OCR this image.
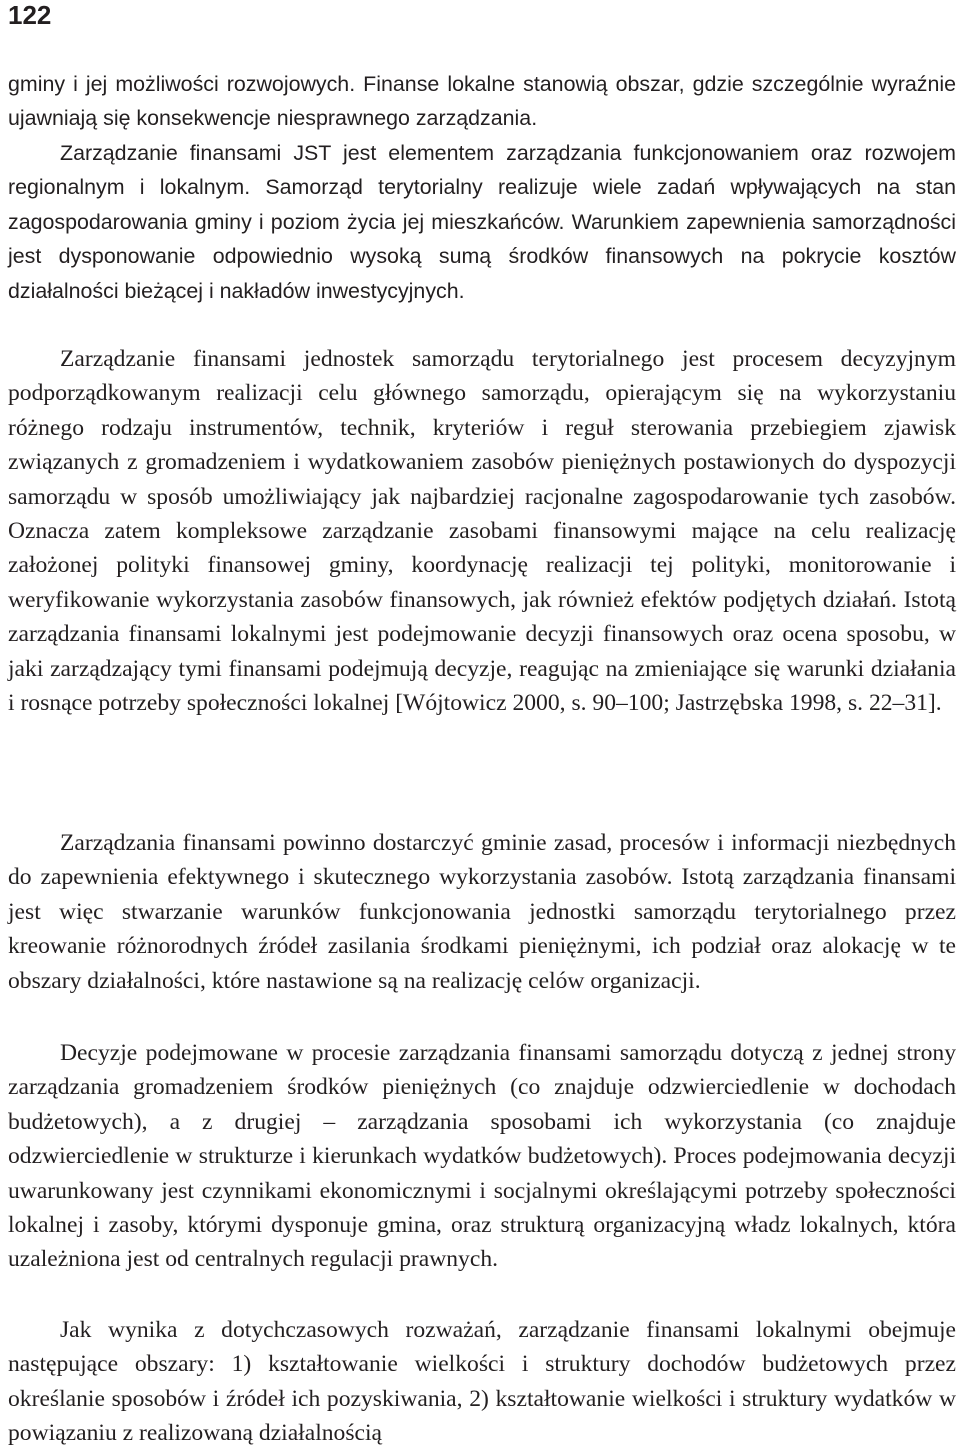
122

gminy i jej możliwości rozwojowych. Finanse lokalne stanowią obszar, gdzie szczególnie wyraźnie ujawniają się konsekwencje niesprawnego zarządzania.

Zarządzanie finansami JST jest elementem zarządzania funkcjonowaniem oraz rozwojem regionalnym i lokalnym. Samorząd terytorialny realizuje wiele zadań wpływających na stan zagospodarowania gminy i poziom życia jej mieszkańców. Warunkiem zapewnienia samorządności jest dysponowanie odpowiednio wysoką sumą środków finansowych na pokrycie kosztów działalności bieżącej i nakładów inwestycyjnych.

Zarządzanie finansami jednostek samorządu terytorialnego jest procesem decyzyjnym podporządkowanym realizacji celu głównego samorządu, opierającym się na wykorzystaniu różnego rodzaju instrumentów, technik, kryteriów i reguł sterowania przebiegiem zjawisk związanych z gromadzeniem i wydatkowaniem zasobów pieniężnych postawionych do dyspozycji samorządu w sposób umożliwiający jak najbardziej racjonalne zagospodarowanie tych zasobów. Oznacza zatem kompleksowe zarządzanie zasobami finansowymi mające na celu realizację założonej polityki finansowej gminy, koordynację realizacji tej polityki, monitorowanie i weryfikowanie wykorzystania zasobów finansowych, jak również efektów podjętych działań. Istotą zarządzania finansami lokalnymi jest podejmowanie decyzji finansowych oraz ocena sposobu, w jaki zarządzający tymi finansami podejmują decyzje, reagując na zmieniające się warunki działania i rosnące potrzeby społeczności lokalnej [Wójtowicz 2000, s. 90–100; Jastrzębska 1998, s. 22–31].

Zarządzania finansami powinno dostarczyć gminie zasad, procesów i informacji niezbędnych do zapewnienia efektywnego i skutecznego wykorzystania zasobów. Istotą zarządzania finansami jest więc stwarzanie warunków funkcjonowania jednostki samorządu terytorialnego przez kreowanie różnorodnych źródeł zasilania środkami pieniężnymi, ich podział oraz alokację w te obszary działalności, które nastawione są na realizację celów organizacji.

Decyzje podejmowane w procesie zarządzania finansami samorządu dotyczą z jednej strony zarządzania gromadzeniem środków pieniężnych (co znajduje odzwierciedlenie w dochodach budżetowych), a z drugiej – zarządzania sposobami ich wykorzystania (co znajduje odzwierciedlenie w strukturze i kierunkach wydatków budżetowych). Proces podejmowania decyzji uwarunkowany jest czynnikami ekonomicznymi i socjalnymi określającymi potrzeby społeczności lokalnej i zasoby, którymi dysponuje gmina, oraz strukturą organizacyjną władz lokalnych, która uzależniona jest od centralnych regulacji prawnych.

Jak wynika z dotychczasowych rozważań, zarządzanie finansami lokalnymi obejmuje następujące obszary: 1) kształtowanie wielkości i struktury dochodów budżetowych przez określanie sposobów i źródeł ich pozyskiwania, 2) kształtowanie wielkości i struktury wydatków w powiązaniu z realizowaną działalnością
